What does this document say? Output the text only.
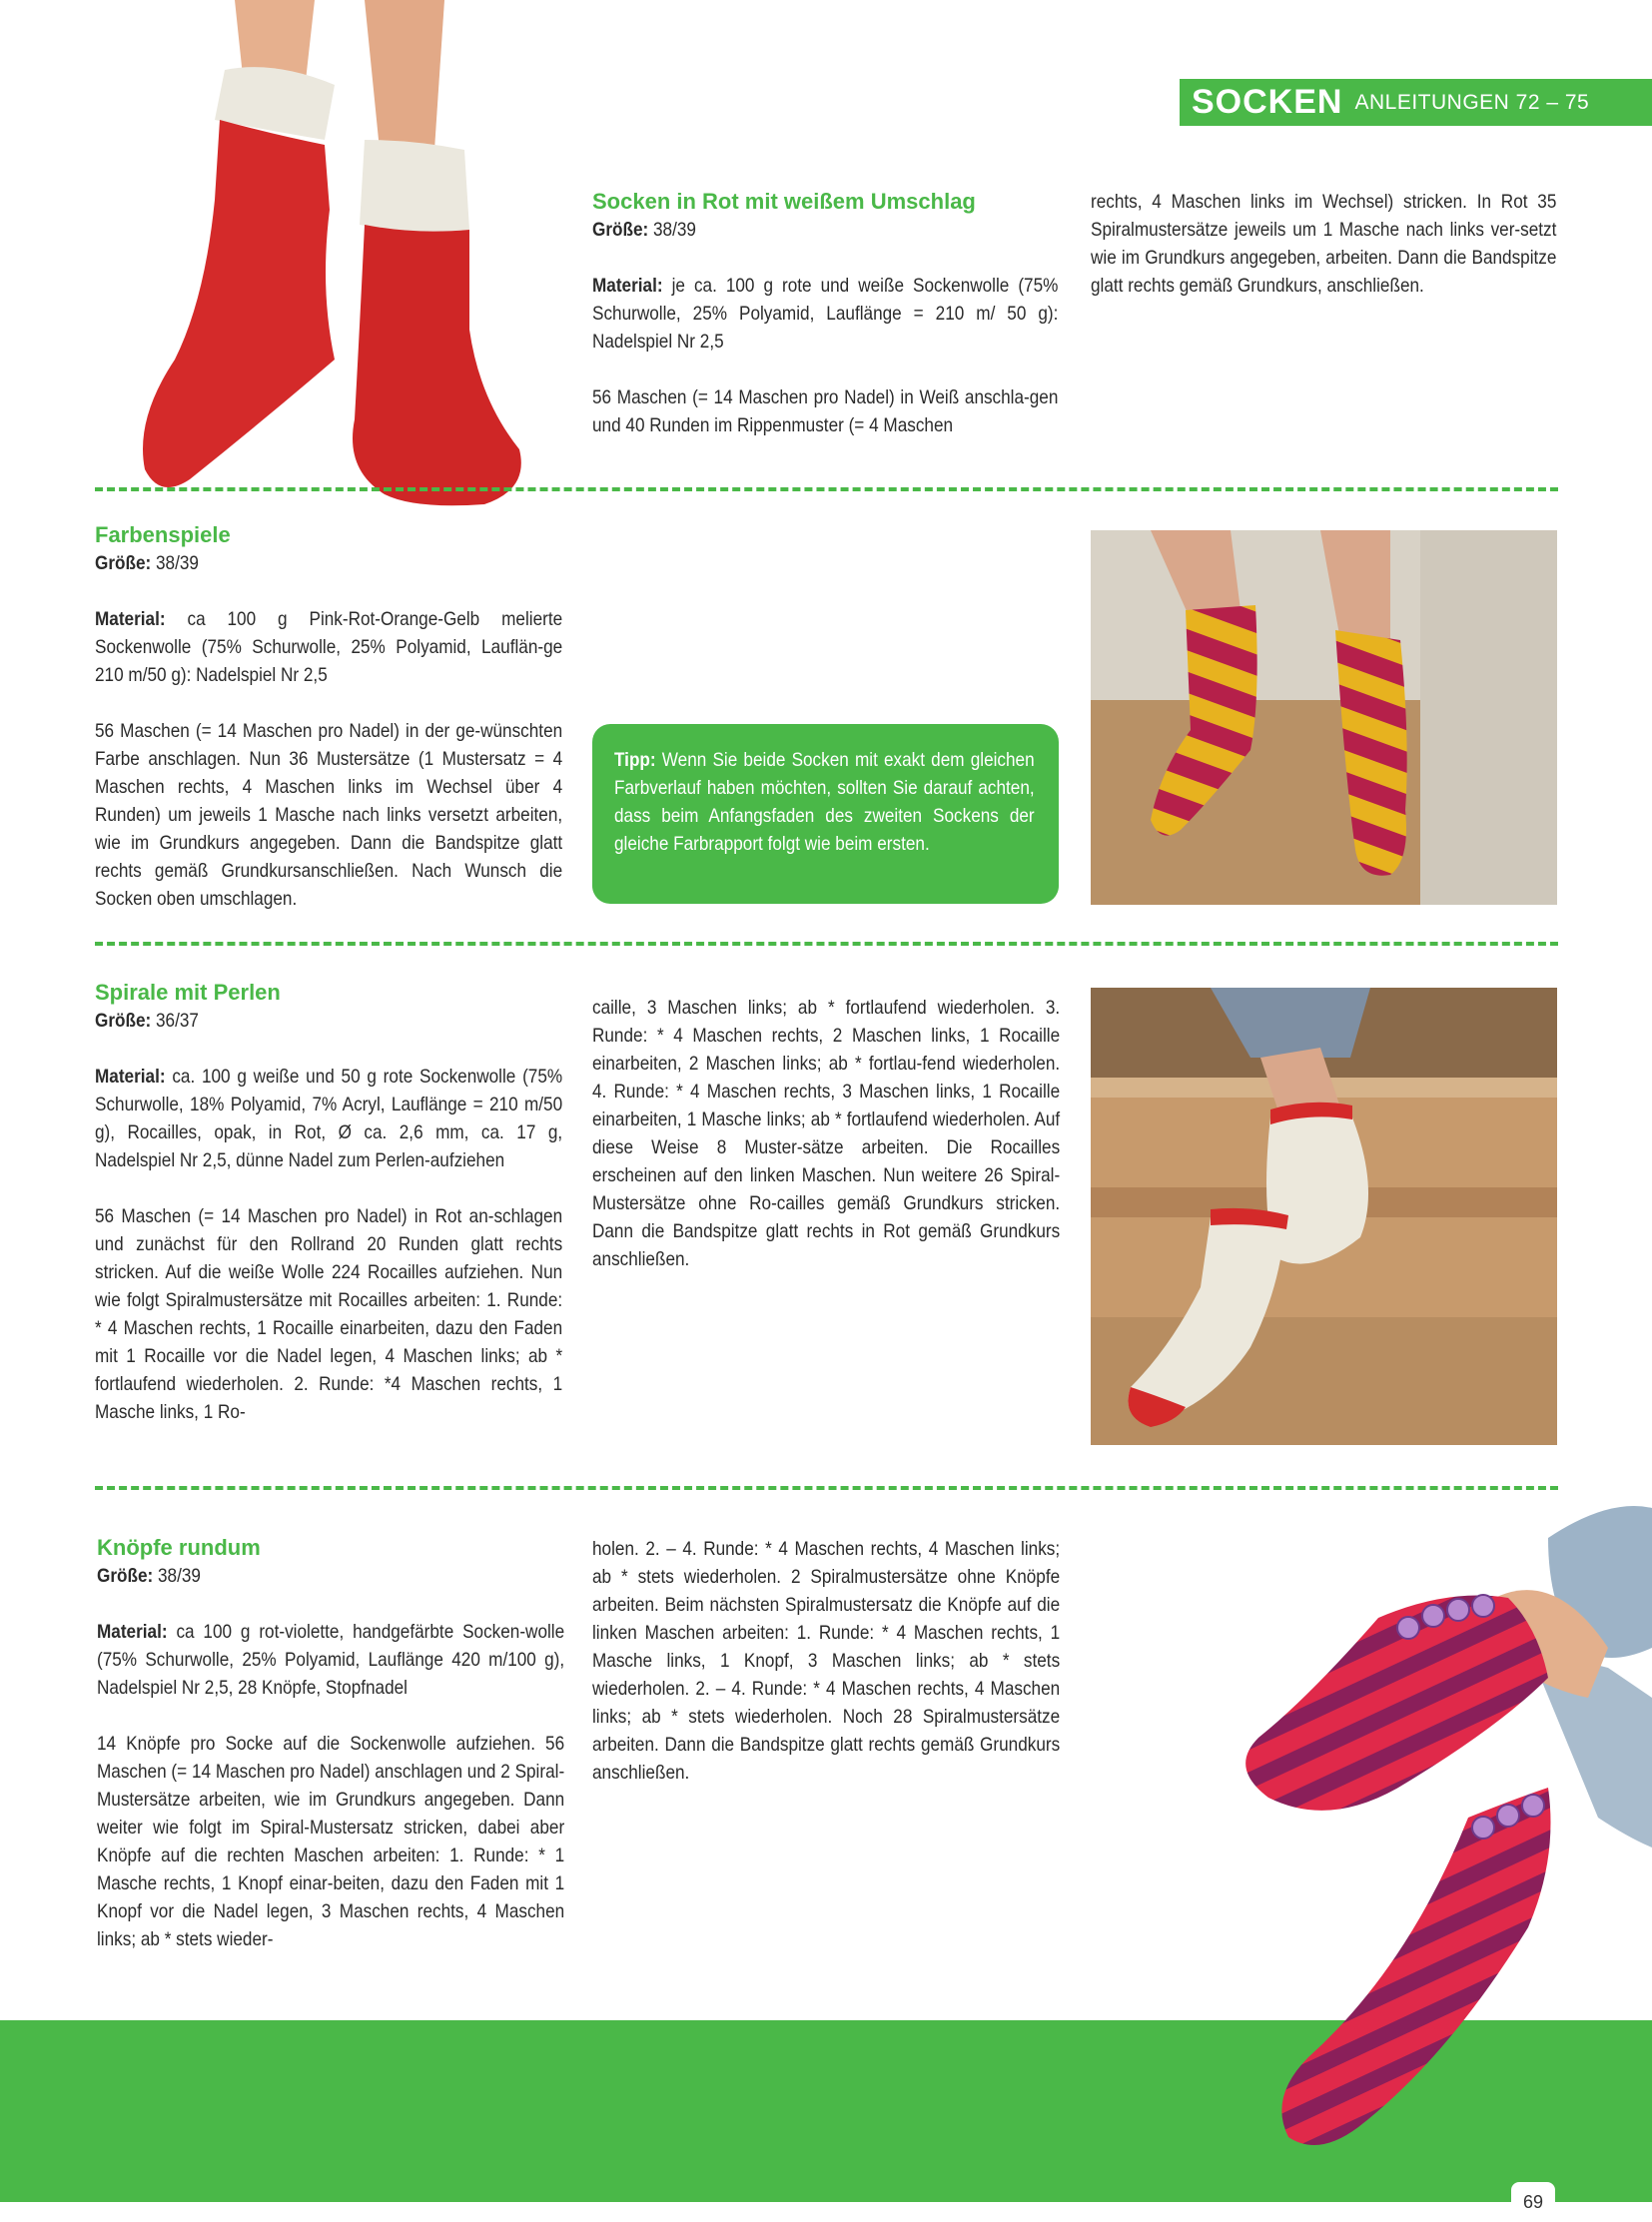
SOCKEN ANLEITUNGEN 72 – 75
Socken in Rot mit weißem Umschlag

Größe: 38/39

Material: je ca. 100 g rote und weiße Sockenwolle (75% Schurwolle, 25% Polyamid, Lauflänge = 210 m/ 50 g): Nadelspiel Nr 2,5

56 Maschen (= 14 Maschen pro Nadel) in Weiß anschla-gen und 40 Runden im Rippenmuster (= 4 Maschen

rechts, 4 Maschen links im Wechsel) stricken. In Rot 35 Spiralmustersätze jeweils um 1 Masche nach links ver-setzt wie im Grundkurs angegeben, arbeiten. Dann die Bandspitze glatt rechts gemäß Grundkurs, anschließen.
Farbenspiele

Größe: 38/39

Material: ca 100 g Pink-Rot-Orange-Gelb melierte Sockenwolle (75% Schurwolle, 25% Polyamid, Lauflän-ge 210 m/50 g): Nadelspiel Nr 2,5

56 Maschen (= 14 Maschen pro Nadel) in der ge-wünschten Farbe anschlagen. Nun 36 Mustersätze (1 Mustersatz = 4 Maschen rechts, 4 Maschen links im Wechsel über 4 Runden) um jeweils 1 Masche nach links versetzt arbeiten, wie im Grundkurs angegeben. Dann die Bandspitze glatt rechts gemäß Grundkursanschließen. Nach Wunsch die Socken oben umschlagen.

Tipp: Wenn Sie beide Socken mit exakt dem gleichen Farbverlauf haben möchten, sollten Sie darauf achten, dass beim Anfangsfaden des zweiten Sockens der gleiche Farbrapport folgt wie beim ersten.
Spirale mit Perlen

Größe: 36/37

Material: ca. 100 g weiße und 50 g rote Sockenwolle (75% Schurwolle, 18% Polyamid, 7% Acryl, Lauflänge = 210 m/50 g), Rocailles, opak, in Rot, Ø ca. 2,6 mm, ca. 17 g, Nadelspiel Nr 2,5, dünne Nadel zum Perlen-aufziehen

56 Maschen (= 14 Maschen pro Nadel) in Rot an-schlagen und zunächst für den Rollrand 20 Runden glatt rechts stricken. Auf die weiße Wolle 224 Rocailles aufziehen. Nun wie folgt Spiralmustersätze mit Rocailles arbeiten: 1. Runde: * 4 Maschen rechts, 1 Rocaille einarbeiten, dazu den Faden mit 1 Rocaille vor die Nadel legen, 4 Maschen links; ab * fortlaufend wiederholen. 2. Runde: *4 Maschen rechts, 1 Masche links, 1 Ro-

caille, 3 Maschen links; ab * fortlaufend wiederholen. 3. Runde: * 4 Maschen rechts, 2 Maschen links, 1 Rocaille einarbeiten, 2 Maschen links; ab * fortlau-fend wiederholen. 4. Runde: * 4 Maschen rechts, 3 Maschen links, 1 Rocaille einarbeiten, 1 Masche links; ab * fortlaufend wiederholen. Auf diese Weise 8 Muster-sätze arbeiten. Die Rocailles erscheinen auf den linken Maschen. Nun weitere 26 Spiral-Mustersätze ohne Ro-cailles gemäß Grundkurs stricken. Dann die Bandspitze glatt rechts in Rot gemäß Grundkurs anschließen.
Knöpfe rundum

Größe: 38/39

Material: ca 100 g rot-violette, handgefärbte Socken-wolle (75% Schurwolle, 25% Polyamid, Lauflänge 420 m/100 g), Nadelspiel Nr 2,5, 28 Knöpfe, Stopfnadel

14 Knöpfe pro Socke auf die Sockenwolle aufziehen. 56 Maschen (= 14 Maschen pro Nadel) anschlagen und 2 Spiral-Mustersätze arbeiten, wie im Grundkurs angegeben. Dann weiter wie folgt im Spiral-Mustersatz stricken, dabei aber Knöpfe auf die rechten Maschen arbeiten: 1. Runde: * 1 Masche rechts, 1 Knopf einar-beiten, dazu den Faden mit 1 Knopf vor die Nadel legen, 3 Maschen rechts, 4 Maschen links; ab * stets wieder-

holen. 2. – 4. Runde: * 4 Maschen rechts, 4 Maschen links; ab * stets wiederholen. 2 Spiralmustersätze ohne Knöpfe arbeiten. Beim nächsten Spiralmustersatz die Knöpfe auf die linken Maschen arbeiten: 1. Runde: * 4 Maschen rechts, 1 Masche links, 1 Knopf, 3 Maschen links; ab * stets wiederholen. 2. – 4. Runde: * 4 Maschen rechts, 4 Maschen links; ab * stets wiederholen. Noch 28 Spiralmustersätze arbeiten. Dann die Bandspitze glatt rechts gemäß Grundkurs anschließen.
69
